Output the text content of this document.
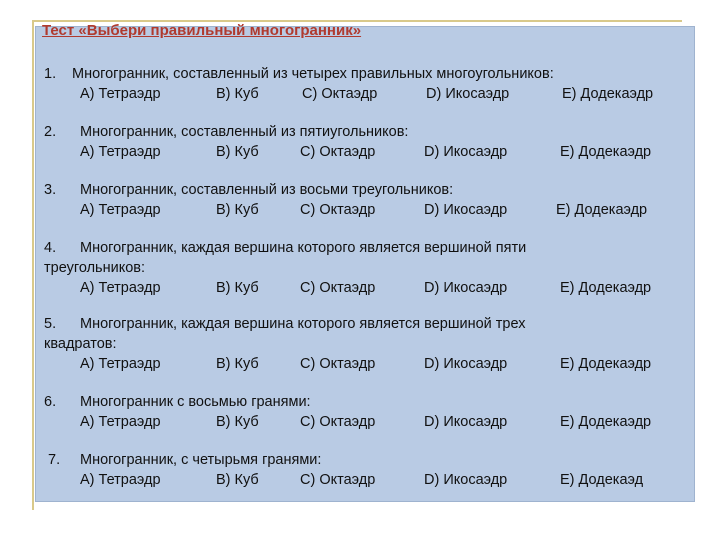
Тест «Выбери правильный многогранник»
1. Многогранник, составленный из четырех правильных многоугольников:
A) Тетраэдр	B) Куб	C) Октаэдр	D) Икосаэдр	E) Додекаэдр
2. Многогранник, составленный из пятиугольников:
A) Тетраэдр	B) Куб	C) Октаэдр	D) Икосаэдр	E) Додекаэдр
3. Многогранник, составленный из восьми треугольников:
A) Тетраэдр	B) Куб	C) Октаэдр	D) Икосаэдр	E) Додекаэдр
4. Многогранник, каждая вершина которого является вершиной пяти
треугольников:
A) Тетраэдр	B) Куб	C) Октаэдр	D) Икосаэдр	E) Додекаэдр
5. Многогранник, каждая вершина которого является вершиной трех
квадратов:
A) Тетраэдр	B) Куб	C) Октаэдр	D) Икосаэдр	E) Додекаэдр
6. Многогранник с восьмью гранями:
A) Тетраэдр	B) Куб	C) Октаэдр	D) Икосаэдр	E) Додекаэдр
7. Многогранник, с четырьмя гранями:
A) Тетраэдр	B) Куб	C) Октаэдр	D) Икосаэдр	E) Додекаэд
